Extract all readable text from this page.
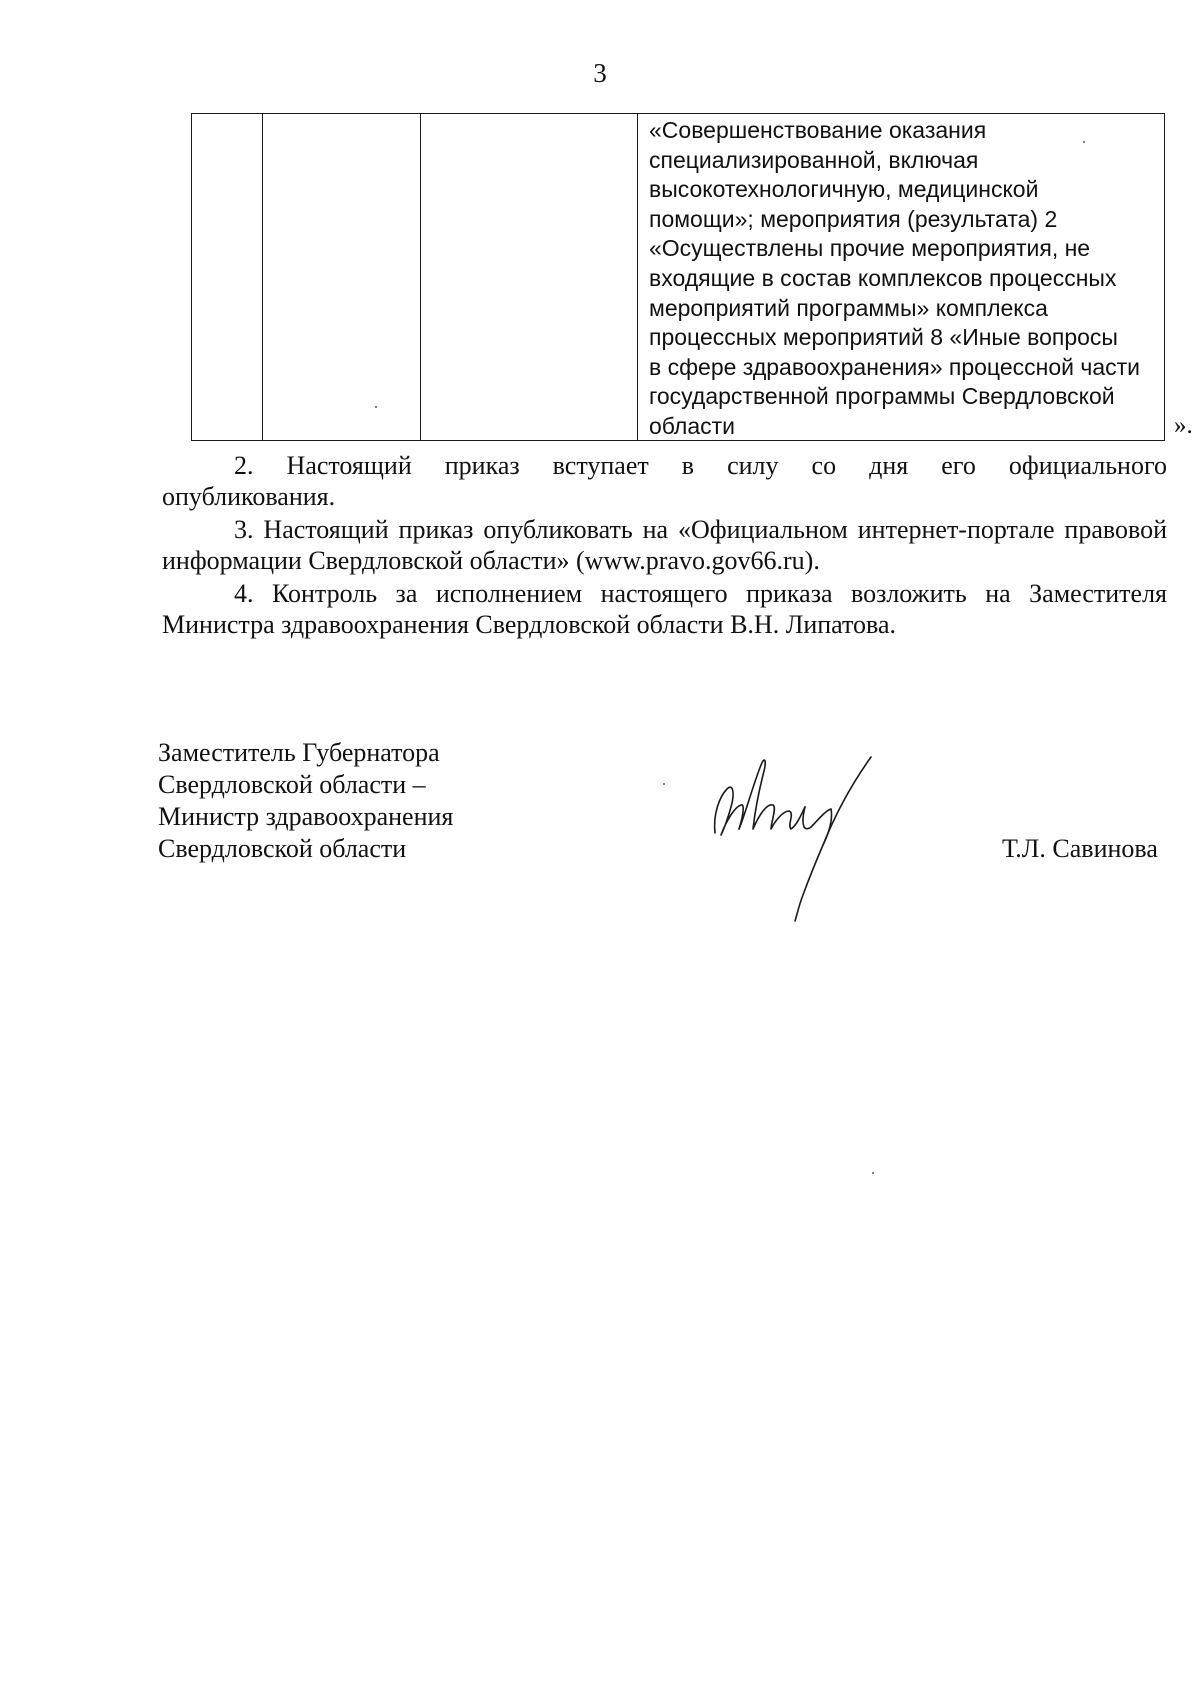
3

«Совершенствование оказания
специализированной, включая
высокотехнологичную, медицинской
помощи»; мероприятия (результата) 2
«Осуществлены прочие мероприятия, не
входящие в состав комплексов процессных
мероприятий программы» комплекса
процессных мероприятий 8 «Иные вопросы
в сфере здравоохранения» процессной части
государственной программы Свердловской
области	».
2. Настоящий приказ вступает в силу со дня его официального
опубликования.

3. Настоящий приказ опубликовать на «Официальном интернет-портале правовой информации Свердловской области» (www.pravo.gov66.ru).

4. Контроль за исполнением настоящего приказа возложить на Заместителя Министра здравоохранения Свердловской области В.Н. Липатова.

Заместитель Губернатора
Свердловской области –
Министр здравоохранения
Свердловской области	Т.Л. Савинова
